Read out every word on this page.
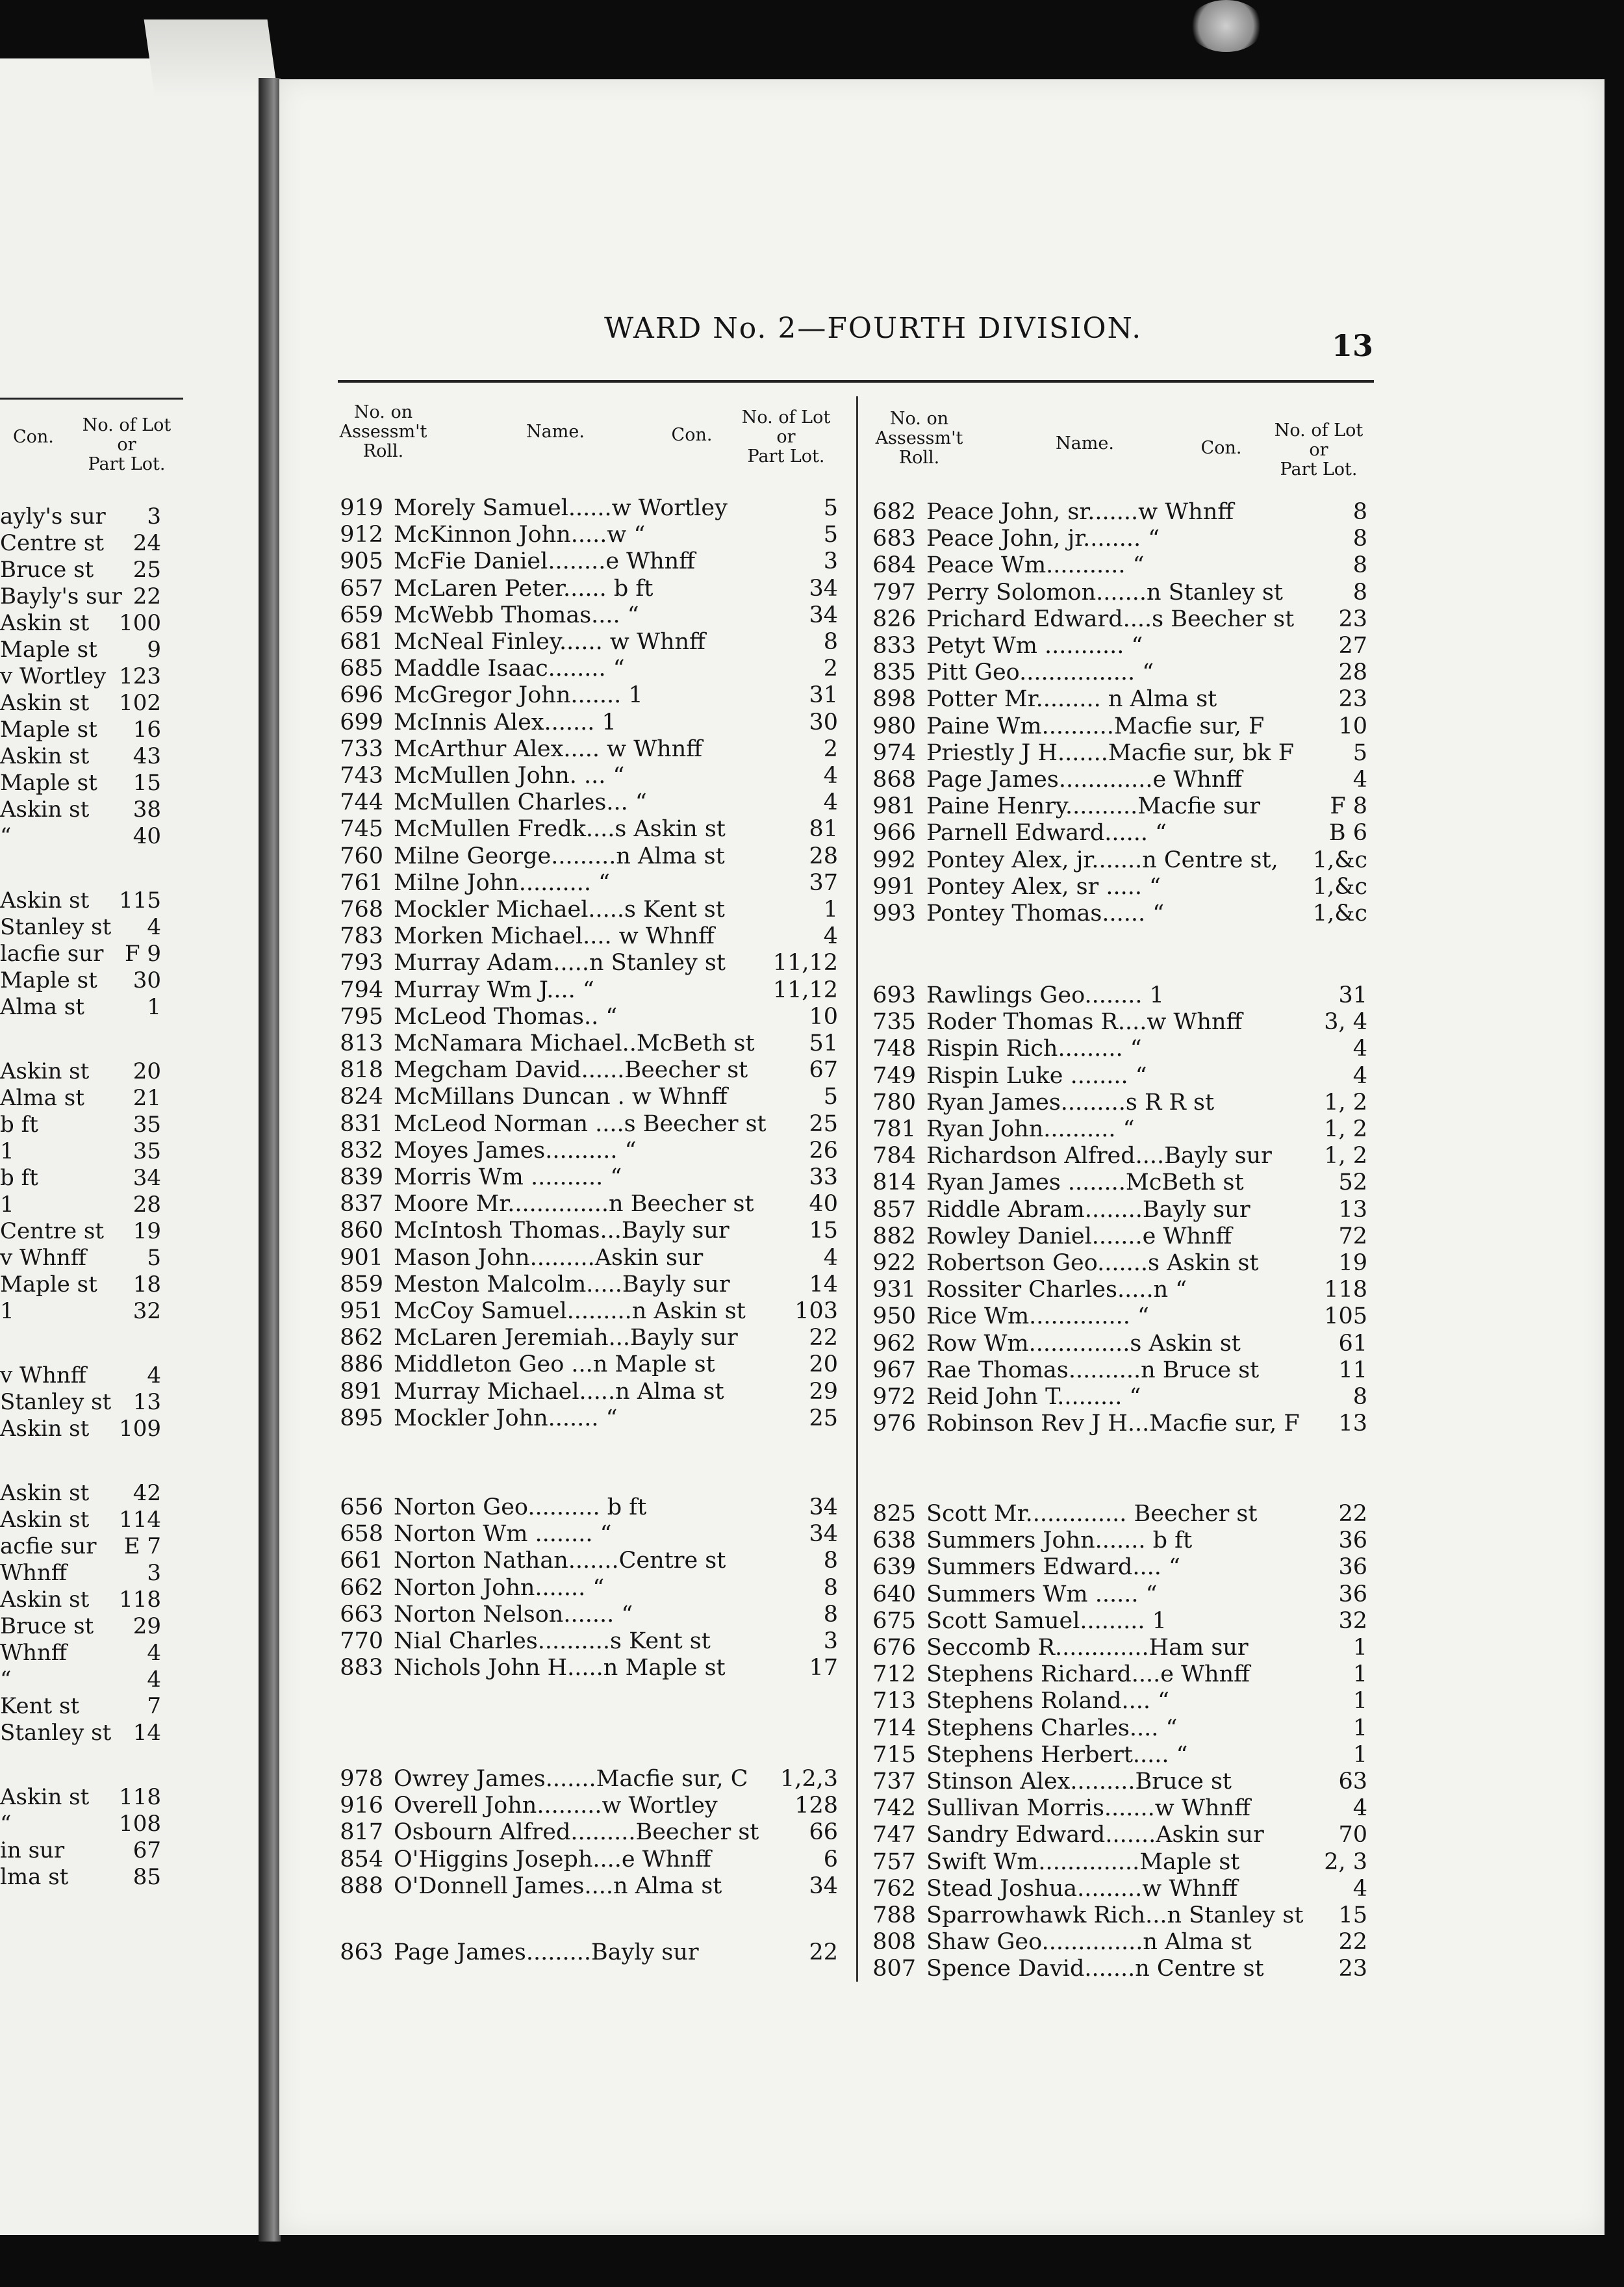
WARD No. 2—FOURTH DIVISION.	13
Con.
No. of Lot
or
Part Lot.
No. on
Assessm't
Roll.
Name.	Con.
No. of Lot
or
Part Lot.
No. on
Assessm't
Roll.
Name.	Con.
No. of Lot
or
Part Lot.
ayly's sur 3
Centre st 24
Bruce st 25
Bayly's sur 22
Askin st 100
Maple st 9
v Wortley 123
Askin st 102
Maple st 16
Askin st 43
Maple st 15
Askin st 38
“	40
Askin st 115
Stanley st 4
lacfie sur F 9
Maple st 30
Alma st	1
Askin st 20
Alma st 21
b ft	35
1	35
b ft	34
1	28
Centre st 19
v Whnff	5
Maple st 18
1	32
v Whnff	4
Stanley st 13
Askin st 109
Askin st 42
Askin st 114
acfie sur E 7
Whnff	3
Askin st 118
Bruce st 29
Whnff	4
“	4
Kent st	7
Stanley st 14
Askin st 118
“	108
in sur	67
lma st	85
919 Morely Samuel......w Wortley	5
912 McKinnon John.....w “	5
905 McFie Daniel........e Whnff	3
657 McLaren Peter...... b ft	34
659 McWebb Thomas.... “	34
681 McNeal Finley...... w Whnff	8
685 Maddle Isaac........ “	2
696 McGregor John....... 1	31
699 McInnis Alex....... 1	30
733 McArthur Alex..... w Whnff	2
743 McMullen John. ... “	4
744 McMullen Charles... “	4
745 McMullen Fredk....s Askin st	81
760 Milne George.........n Alma st	28
761 Milne John.......... “	37
768 Mockler Michael.....s Kent st	1
783 Morken Michael.... w Whnff	4
793 Murray Adam.....n Stanley st 11,12
794 Murray Wm J.... “	11,12
795 McLeod Thomas.. “	10
813 McNamara Michael..McBeth st 51
818 Megcham David......Beecher st	67
824 McMillans Duncan . w Whnff	5
831 McLeod Norman ....s Beecher st 25
832 Moyes James.......... “	26
839 Morris Wm .......... “	33
837 Moore Mr..............n Beecher st 40
860 McIntosh Thomas...Bayly sur	15
901 Mason John.........Askin sur	4
859 Meston Malcolm.....Bayly sur	14
951 McCoy Samuel.........n Askin st 103
862 McLaren Jeremiah...Bayly sur	22
886 Middleton Geo ...n Maple st	20
891 Murray Michael.....n Alma st	29
895 Mockler John....... “	25
656 Norton Geo.......... b ft	34
658 Norton Wm ........ “	34
661 Norton Nathan.......Centre st	8
662 Norton John....... “	8
663 Norton Nelson....... “	8
770 Nial Charles..........s Kent st	3
883 Nichols John H.....n Maple st	17
978 Owrey James.......Macfie sur, C 1,2,3
916 Overell John.........w Wortley	128
817 Osbourn Alfred.........Beecher st 66
854 O'Higgins Joseph....e Whnff	6
888 O'Donnell James....n Alma st	34
863 Page James.........Bayly sur	22
682 Peace John, sr.......w Whnff	8
683 Peace John, jr........ “	8
684 Peace Wm........... “	8
797 Perry Solomon.......n Stanley st	8
826 Prichard Edward....s Beecher st 23
833 Petyt Wm ........... “	27
835 Pitt Geo................ “	28
898 Potter Mr......... n Alma st	23
980 Paine Wm..........Macfie sur, F	10
974 Priestly J H.......Macfie sur, bk F	5
868 Page James.............e Whnff	4
981 Paine Henry..........Macfie sur	F 8
966 Parnell Edward...... “	B 6
992 Pontey Alex, jr.......n Centre st, 1,&c
991 Pontey Alex, sr ..... “	1,&c
993 Pontey Thomas...... “	1,&c
693 Rawlings Geo........ 1	31
735 Roder Thomas R....w Whnff	3, 4
748 Rispin Rich......... “	4
749 Rispin Luke ........ “	4
780 Ryan James.........s R R st	1, 2
781 Ryan John.......... “	1, 2
784 Richardson Alfred....Bayly sur 1, 2
814 Ryan James ........McBeth st	52
857 Riddle Abram........Bayly sur	13
882 Rowley Daniel.......e Whnff	72
922 Robertson Geo.......s Askin st	19
931 Rossiter Charles.....n “	118
950 Rice Wm.............. “	105
962 Row Wm..............s Askin st	61
967 Rae Thomas..........n Bruce st	11
972 Reid John T......... “	8
976 Robinson Rev J H...Macfie sur, F 13
825 Scott Mr.............. Beecher st	22
638 Summers John....... b ft	36
639 Summers Edward.... “	36
640 Summers Wm ...... “	36
675 Scott Samuel......... 1	32
676 Seccomb R.............Ham sur	1
712 Stephens Richard....e Whnff	1
713 Stephens Roland.... “	1
714 Stephens Charles.... “	1
715 Stephens Herbert..... “	1
737 Stinson Alex.........Bruce st	63
742 Sullivan Morris.......w Whnff	4
747 Sandry Edward.......Askin sur	70
757 Swift Wm..............Maple st	2, 3
762 Stead Joshua.........w Whnff	4
788 Sparrowhawk Rich...n Stanley st 15
808 Shaw Geo..............n Alma st	22
807 Spence David.......n Centre st	23
